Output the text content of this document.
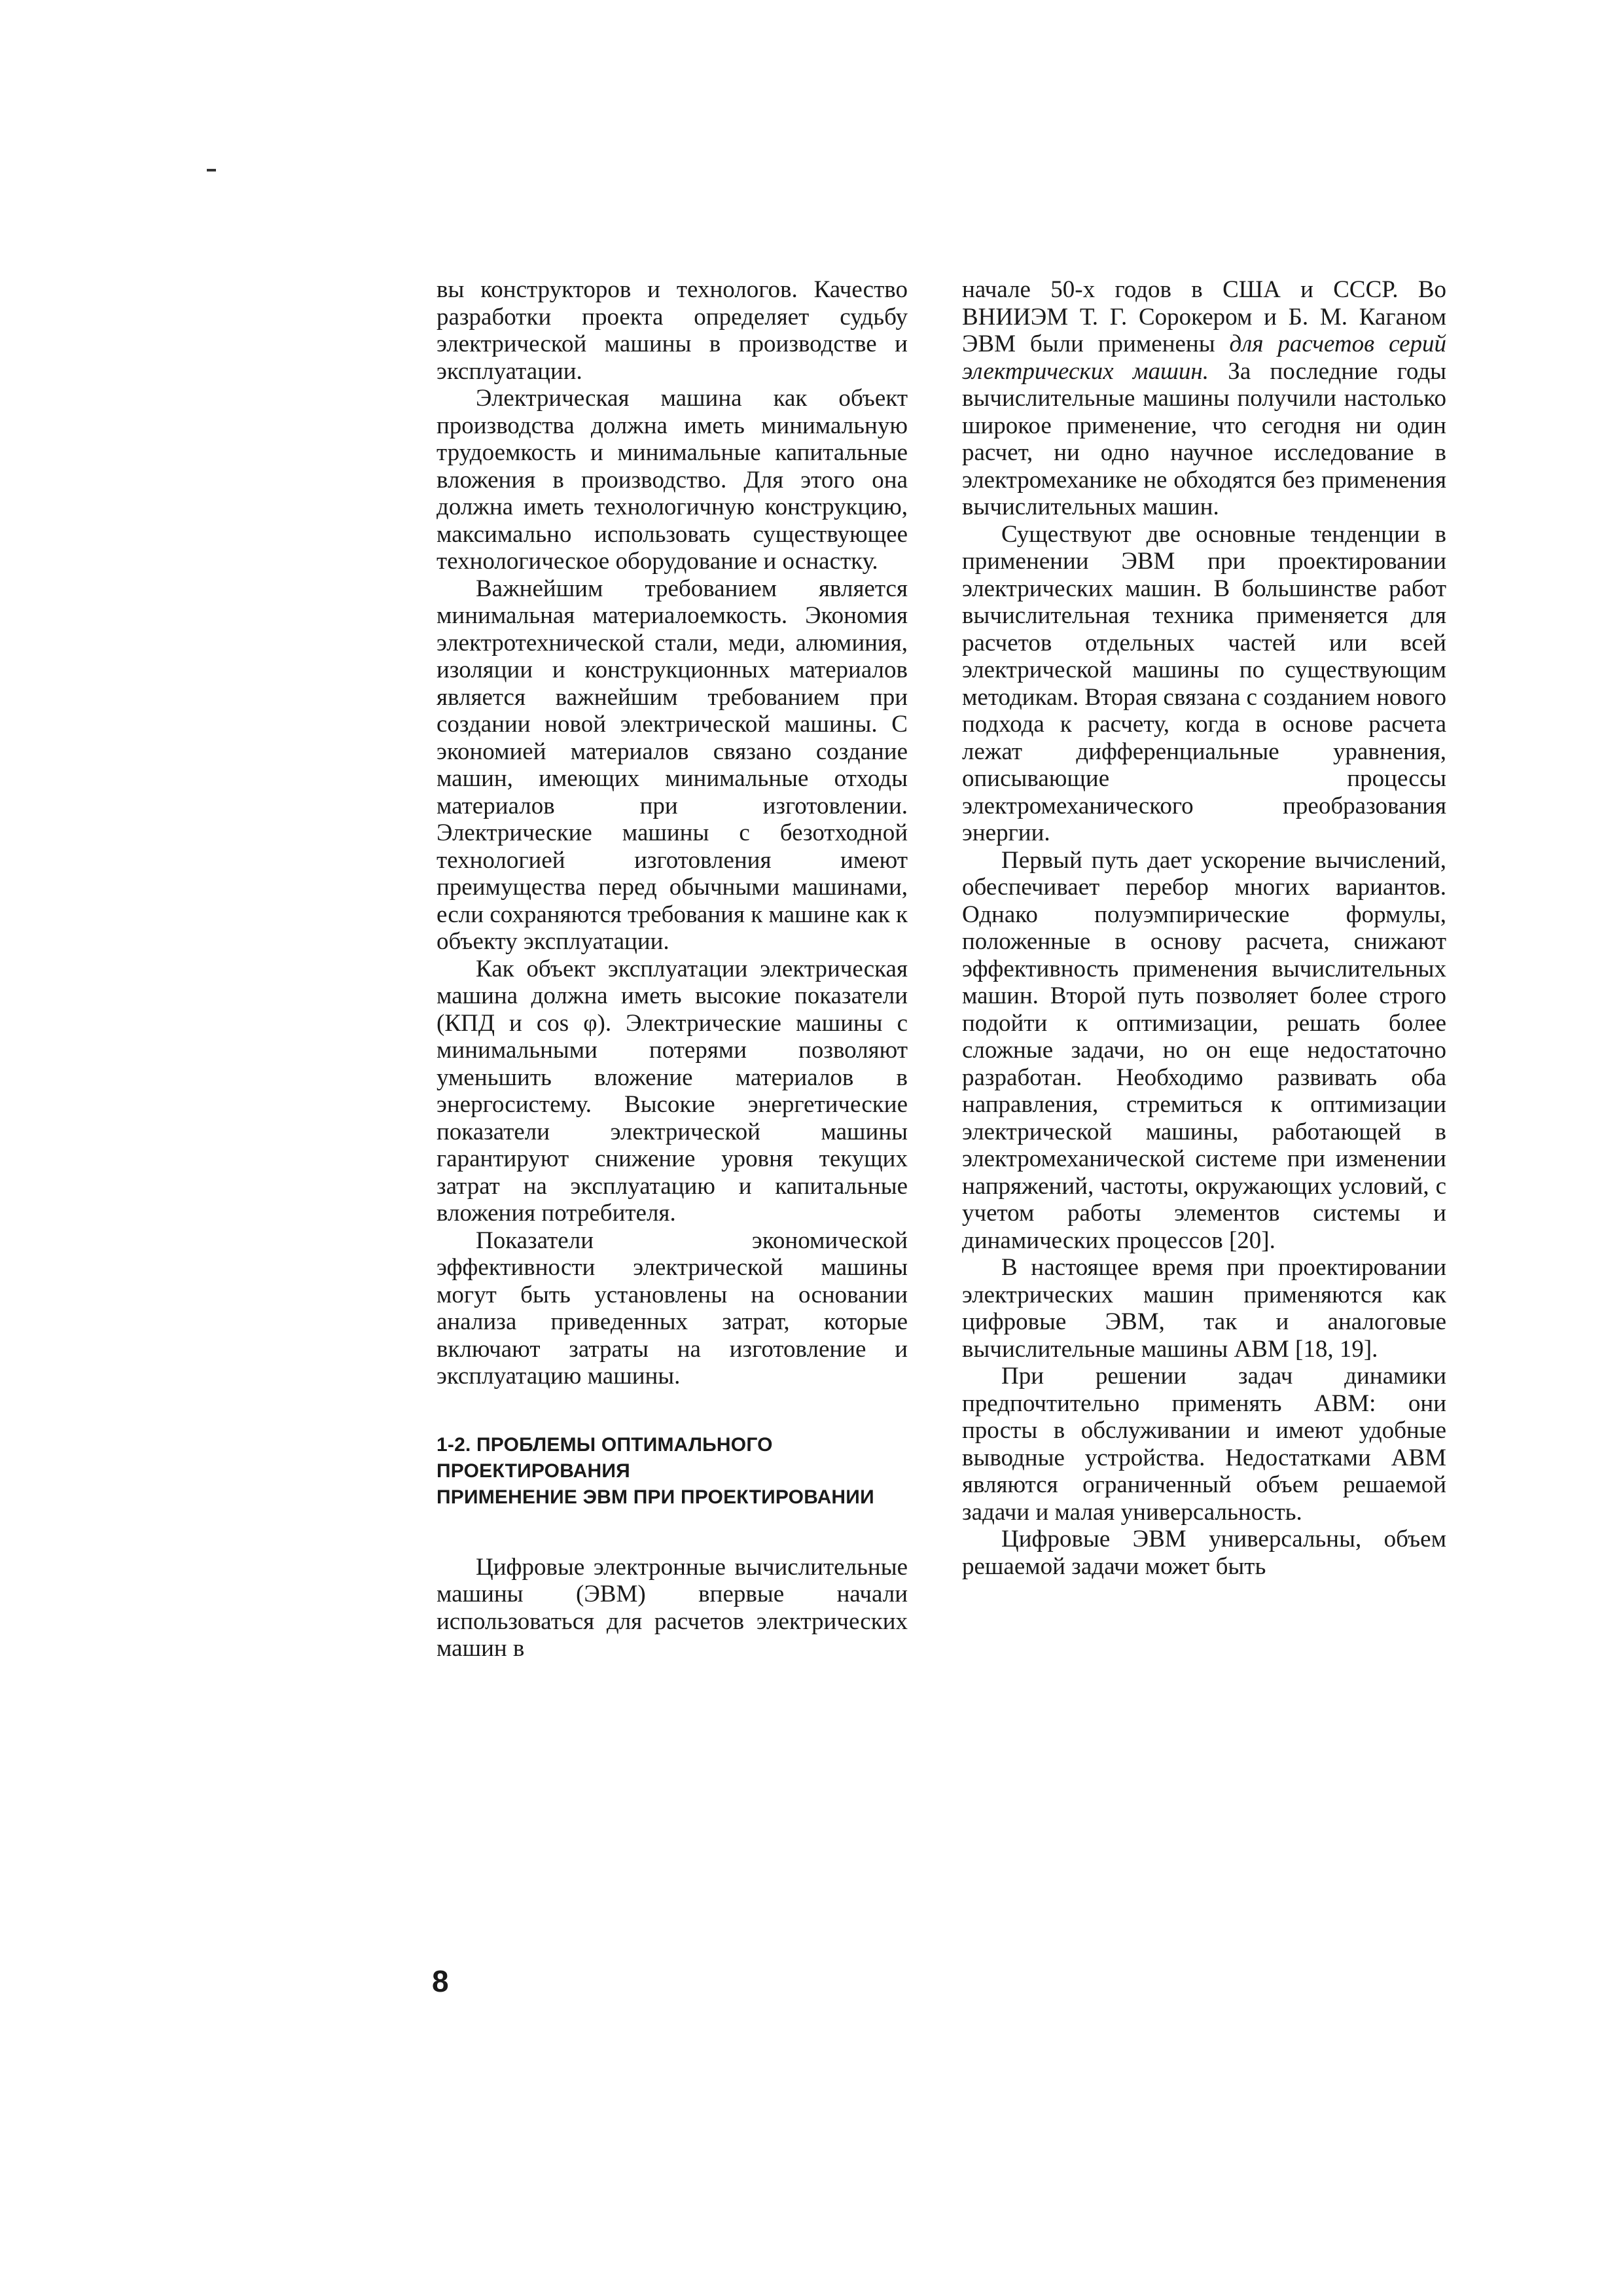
вы конструкторов и технологов. Качество разработки проекта определяет судьбу электрической машины в производстве и эксплуатации.

Электрическая машина как объект производства должна иметь минимальную трудоемкость и минимальные капитальные вложения в производство. Для этого она должна иметь технологичную конструкцию, максимально использовать существующее технологическое оборудование и оснастку.

Важнейшим требованием является минимальная материалоемкость. Экономия электротехнической стали, меди, алюминия, изоляции и конструкционных материалов является важнейшим требованием при создании новой электрической машины. С экономией материалов связано создание машин, имеющих минимальные отходы материалов при изготовлении. Электрические машины с безотходной технологией изготовления имеют преимущества перед обычными машинами, если сохраняются требования к машине как к объекту эксплуатации.

Как объект эксплуатации электрическая машина должна иметь высокие показатели (КПД и cos φ). Электрические машины с минимальными потерями позволяют уменьшить вложение материалов в энергосистему. Высокие энергетические показатели электрической машины гарантируют снижение уровня текущих затрат на эксплуатацию и капитальные вложения потребителя.

Показатели экономической эффективности электрической машины могут быть установлены на основании анализа приведенных затрат, которые включают затраты на изготовление и эксплуатацию машины.

1-2. ПРОБЛЕМЫ ОПТИМАЛЬНОГО
ПРОЕКТИРОВАНИЯ
ПРИМЕНЕНИЕ ЭВМ ПРИ ПРОЕКТИРОВАНИИ

Цифровые электронные вычислительные машины (ЭВМ) впервые начали использоваться для расчетов электрических машин в

начале 50-х годов в США и СССР. Во ВНИИЭМ Т. Г. Сорокером и Б. М. Каганом ЭВМ были применены для расчетов серий электрических машин. За последние годы вычислительные машины получили настолько широкое применение, что сегодня ни один расчет, ни одно научное исследование в электромеханике не обходятся без применения вычислительных машин.

Существуют две основные тенденции в применении ЭВМ при проектировании электрических машин. В большинстве работ вычислительная техника применяется для расчетов отдельных частей или всей электрической машины по существующим методикам. Вторая связана с созданием нового подхода к расчету, когда в основе расчета лежат дифференциальные уравнения, описывающие процессы электромеханического преобразования энергии.

Первый путь дает ускорение вычислений, обеспечивает перебор многих вариантов. Однако полуэмпирические формулы, положенные в основу расчета, снижают эффективность применения вычислительных машин. Второй путь позволяет более строго подойти к оптимизации, решать более сложные задачи, но он еще недостаточно разработан. Необходимо развивать оба направления, стремиться к оптимизации электрической машины, работающей в электромеханической системе при изменении напряжений, частоты, окружающих условий, с учетом работы элементов системы и динамических процессов [20].

В настоящее время при проектировании электрических машин применяются как цифровые ЭВМ, так и аналоговые вычислительные машины АВМ [18, 19].

При решении задач динамики предпочтительно применять АВМ: они просты в обслуживании и имеют удобные выводные устройства. Недостатками АВМ являются ограниченный объем решаемой задачи и малая универсальность.

Цифровые ЭВМ универсальны, объем решаемой задачи может быть

8
